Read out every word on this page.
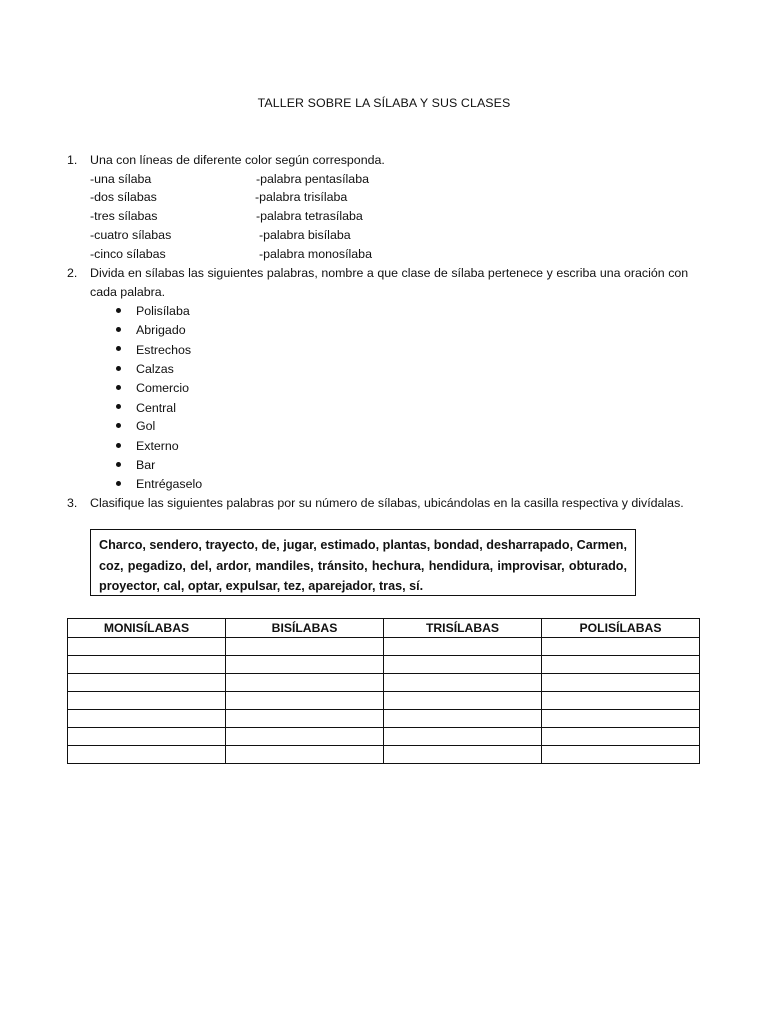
TALLER SOBRE LA SÍLABA Y SUS CLASES
1. Una con líneas de diferente color según corresponda.
-una sílaba	-palabra pentasílaba
-dos sílabas	-palabra trisílaba
-tres sílabas	-palabra tetrasílaba
-cuatro sílabas	-palabra bisílaba
-cinco sílabas	-palabra monosílaba
2. Divida en sílabas las siguientes palabras, nombre a que clase de sílaba pertenece y escriba una oración con
cada palabra.
Polisílaba
Abrigado
Estrechos
Calzas
Comercio
Central
Gol
Externo
Bar
Entrégaselo
3. Clasifique las siguientes palabras por su número de sílabas, ubicándolas en la casilla respectiva y divídalas.
Charco, sendero, trayecto, de, jugar, estimado, plantas, bondad, desharrapado, Carmen, coz, pegadizo, del, ardor, mandiles, tránsito, hechura, hendidura, improvisar, obturado, proyector, cal, optar, expulsar, tez, aparejador, tras, sí.
MONISÍLABAS	BISÍLABAS	TRISÍLABAS	POLISÍLABAS
